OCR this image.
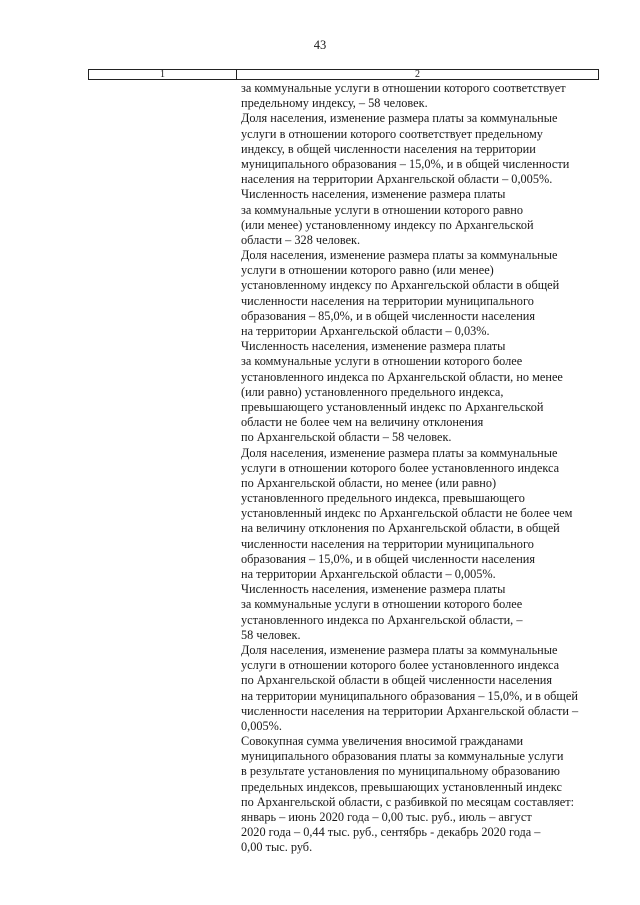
43
1	2
за коммунальные услуги в отношении которого соответствует
предельному индексу, – 58 человек.
Доля населения, изменение размера платы за коммунальные
услуги в отношении которого соответствует предельному
индексу, в общей численности населения на территории
муниципального образования – 15,0%, и в общей численности
населения на территории Архангельской области – 0,005%.
Численность населения, изменение размера платы
за коммунальные услуги в отношении которого равно
(или менее) установленному индексу по Архангельской
области – 328 человек.
Доля населения, изменение размера платы за коммунальные
услуги в отношении которого равно (или менее)
установленному индексу по Архангельской области в общей
численности населения на территории муниципального
образования – 85,0%, и в общей численности населения
на территории Архангельской области – 0,03%.
Численность населения, изменение размера платы
за коммунальные услуги в отношении которого более
установленного индекса по Архангельской области, но менее
(или равно) установленного предельного индекса,
превышающего установленный индекс по Архангельской
области не более чем на величину отклонения
по Архангельской области – 58 человек.
Доля населения, изменение размера платы за коммунальные
услуги в отношении которого более установленного индекса
по Архангельской области, но менее (или равно)
установленного предельного индекса, превышающего
установленный индекс по Архангельской области не более чем
на величину отклонения по Архангельской области, в общей
численности населения на территории муниципального
образования – 15,0%, и в общей численности населения
на территории Архангельской области – 0,005%.
Численность населения, изменение размера платы
за коммунальные услуги в отношении которого более
установленного индекса по Архангельской области, –
58 человек.
Доля населения, изменение размера платы за коммунальные
услуги в отношении которого более установленного индекса
по Архангельской области в общей численности населения
на территории муниципального образования – 15,0%, и в общей
численности населения на территории Архангельской области –
0,005%.
Совокупная сумма увеличения вносимой гражданами
муниципального образования платы за коммунальные услуги
в результате установления по муниципальному образованию
предельных индексов, превышающих установленный индекс
по Архангельской области, с разбивкой по месяцам составляет:
январь – июнь 2020 года – 0,00 тыс. руб., июль – август
2020 года – 0,44 тыс. руб., сентябрь - декабрь 2020 года –
0,00 тыс. руб.
